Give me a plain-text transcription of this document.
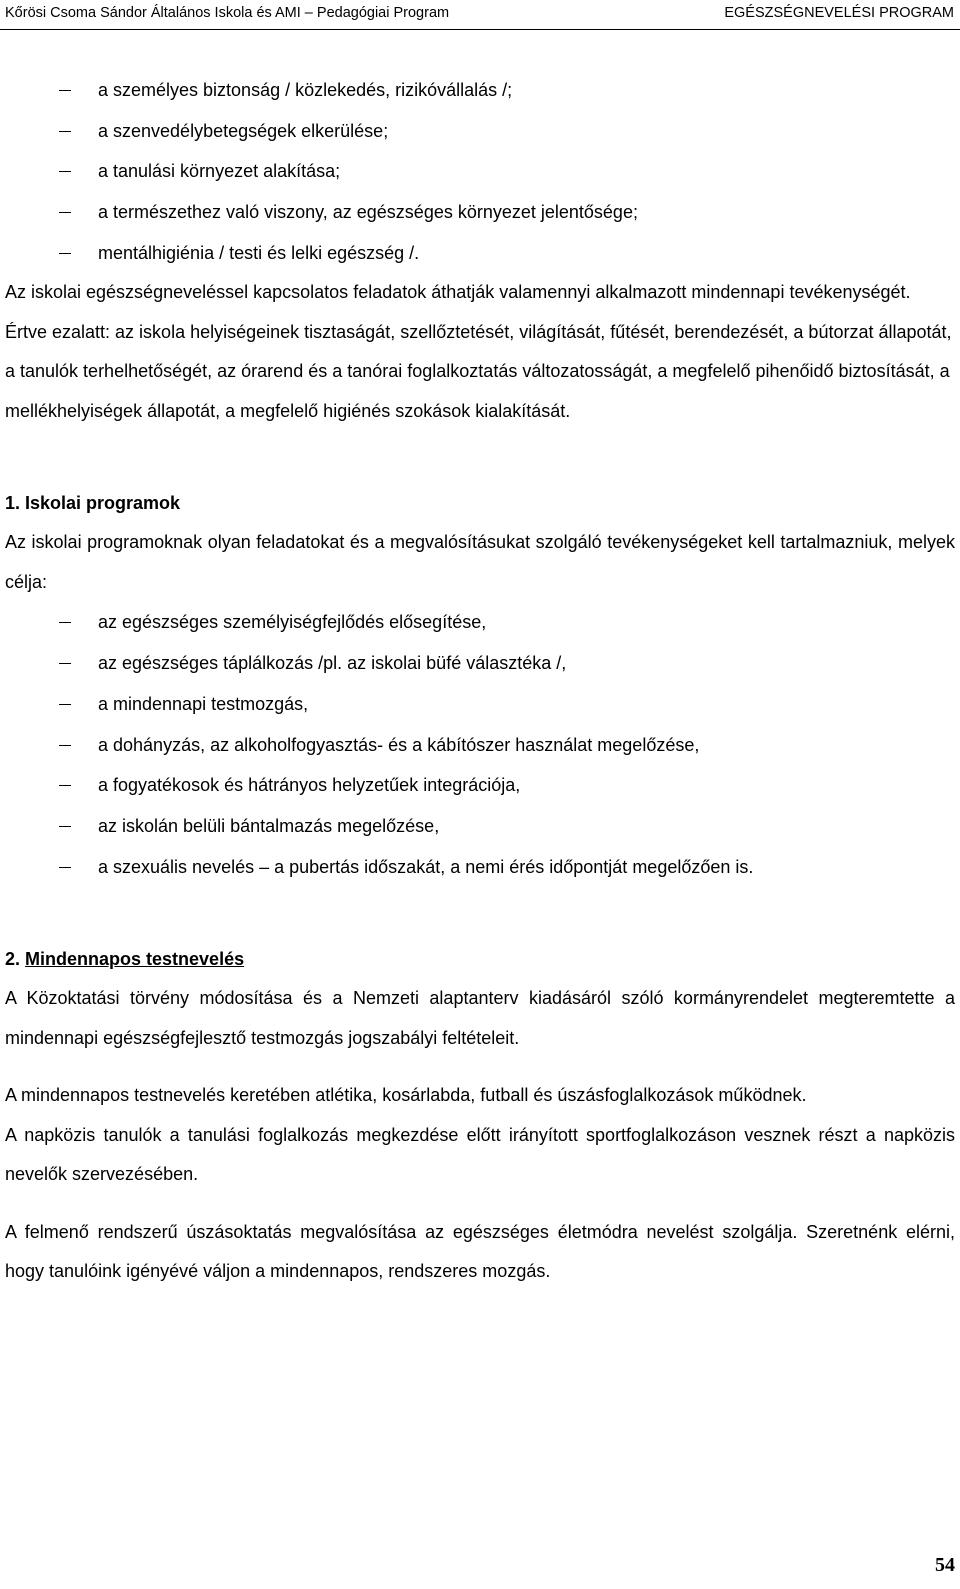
Kőrösi Csoma Sándor Általános Iskola és AMI – Pedagógiai Program	EGÉSZSÉGNEVELÉSI PROGRAM
a személyes biztonság / közlekedés, rizikóvállalás /;
a szenvedélybetegségek elkerülése;
a tanulási környezet alakítása;
a természethez való viszony, az egészséges környezet jelentősége;
mentálhigiénia / testi és lelki egészség /.

Az iskolai egészségneveléssel kapcsolatos feladatok áthatják valamennyi alkalmazott mindennapi tevékenységét. Értve ezalatt: az iskola helyiségeinek tisztaságát, szellőztetését, világítását, fűtését, berendezését, a bútorzat állapotát, a tanulók terhelhetőségét, az órarend és a tanórai foglalkoztatás változatosságát, a megfelelő pihenőidő biztosítását, a mellékhelyiségek állapotát, a megfelelő higiénés szokások kialakítását.

1. Iskolai programok

Az iskolai programoknak olyan feladatokat és a megvalósításukat szolgáló tevékenységeket kell tartalmazniuk, melyek célja:

az egészséges személyiségfejlődés elősegítése,
az egészséges táplálkozás /pl. az iskolai büfé választéka /,
a mindennapi testmozgás,
a dohányzás, az alkoholfogyasztás- és a kábítószer használat megelőzése,
a fogyatékosok és hátrányos helyzetűek integrációja,
az iskolán belüli bántalmazás megelőzése,
a szexuális nevelés – a pubertás időszakát, a nemi érés időpontját megelőzően is.
2. Mindennapos testnevelés

A Közoktatási törvény módosítása és a Nemzeti alaptanterv kiadásáról szóló kormányrendelet megteremtette a mindennapi egészségfejlesztő testmozgás jogszabályi feltételeit.

A mindennapos testnevelés keretében atlétika, kosárlabda, futball és úszásfoglalkozások működnek.

A napközis tanulók a tanulási foglalkozás megkezdése előtt irányított sportfoglalkozáson vesznek részt a napközis nevelők szervezésében.

A felmenő rendszerű úszásoktatás megvalósítása az egészséges életmódra nevelést szolgálja. Szeretnénk elérni, hogy tanulóink igényévé váljon a mindennapos, rendszeres mozgás.

54
